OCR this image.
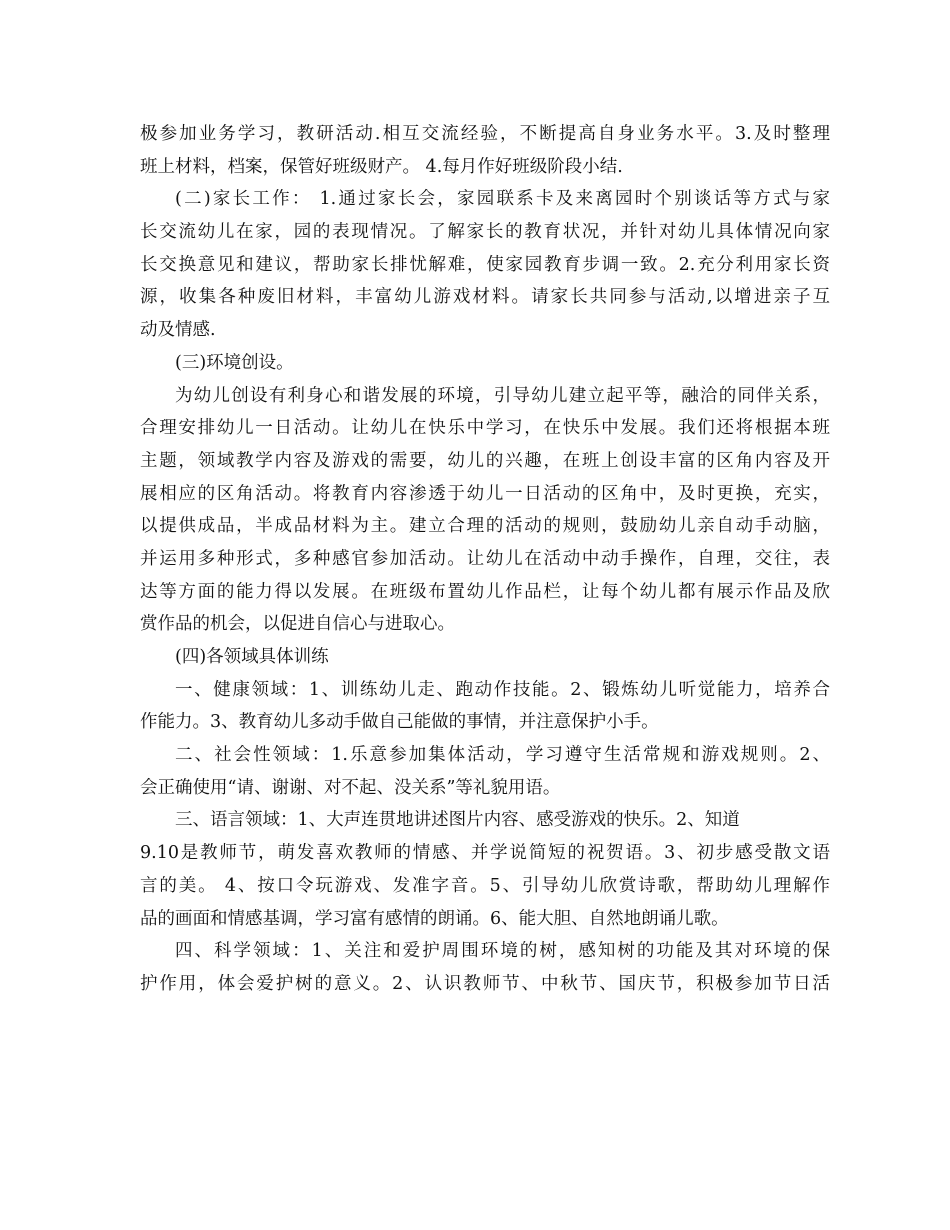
极参加业务学习，教研活动.相互交流经验，不断提高自身业务水平。3.及时整理
班上材料，档案，保管好班级财产。 4.每月作好班级阶段小结.
(二)家长工作： 1.通过家长会，家园联系卡及来离园时个别谈话等方式与家
长交流幼儿在家，园的表现情况。了解家长的教育状况，并针对幼儿具体情况向家
长交换意见和建议，帮助家长排忧解难，使家园教育步调一致。2.充分利用家长资
源，收集各种废旧材料，丰富幼儿游戏材料。请家长共同参与活动,以增进亲子互
动及情感.
(三)环境创设。
为幼儿创设有利身心和谐发展的环境，引导幼儿建立起平等，融洽的同伴关系，
合理安排幼儿一日活动。让幼儿在快乐中学习，在快乐中发展。我们还将根据本班
主题，领域教学内容及游戏的需要，幼儿的兴趣，在班上创设丰富的区角内容及开
展相应的区角活动。将教育内容渗透于幼儿一日活动的区角中，及时更换，充实，
以提供成品，半成品材料为主。建立合理的活动的规则，鼓励幼儿亲自动手动脑，
并运用多种形式，多种感官参加活动。让幼儿在活动中动手操作，自理，交往，表
达等方面的能力得以发展。在班级布置幼儿作品栏，让每个幼儿都有展示作品及欣
赏作品的机会，以促进自信心与进取心。
(四)各领域具体训练
一、健康领域：1、训练幼儿走、跑动作技能。2、锻炼幼儿听觉能力，培养合
作能力。3、教育幼儿多动手做自己能做的事情，并注意保护小手。
二、社会性领域：1.乐意参加集体活动，学习遵守生活常规和游戏规则。2、
会正确使用“请、谢谢、对不起、没关系”等礼貌用语。
三、语言领域：1、大声连贯地讲述图片内容、感受游戏的快乐。2、知道
9.10是教师节，萌发喜欢教师的情感、并学说简短的祝贺语。3、初步感受散文语
言的美。 4、按口令玩游戏、发准字音。5、引导幼儿欣赏诗歌，帮助幼儿理解作
品的画面和情感基调，学习富有感情的朗诵。6、能大胆、自然地朗诵儿歌。
四、科学领域：1、关注和爱护周围环境的树，感知树的功能及其对环境的保
护作用，体会爱护树的意义。2、认识教师节、中秋节、国庆节，积极参加节日活
